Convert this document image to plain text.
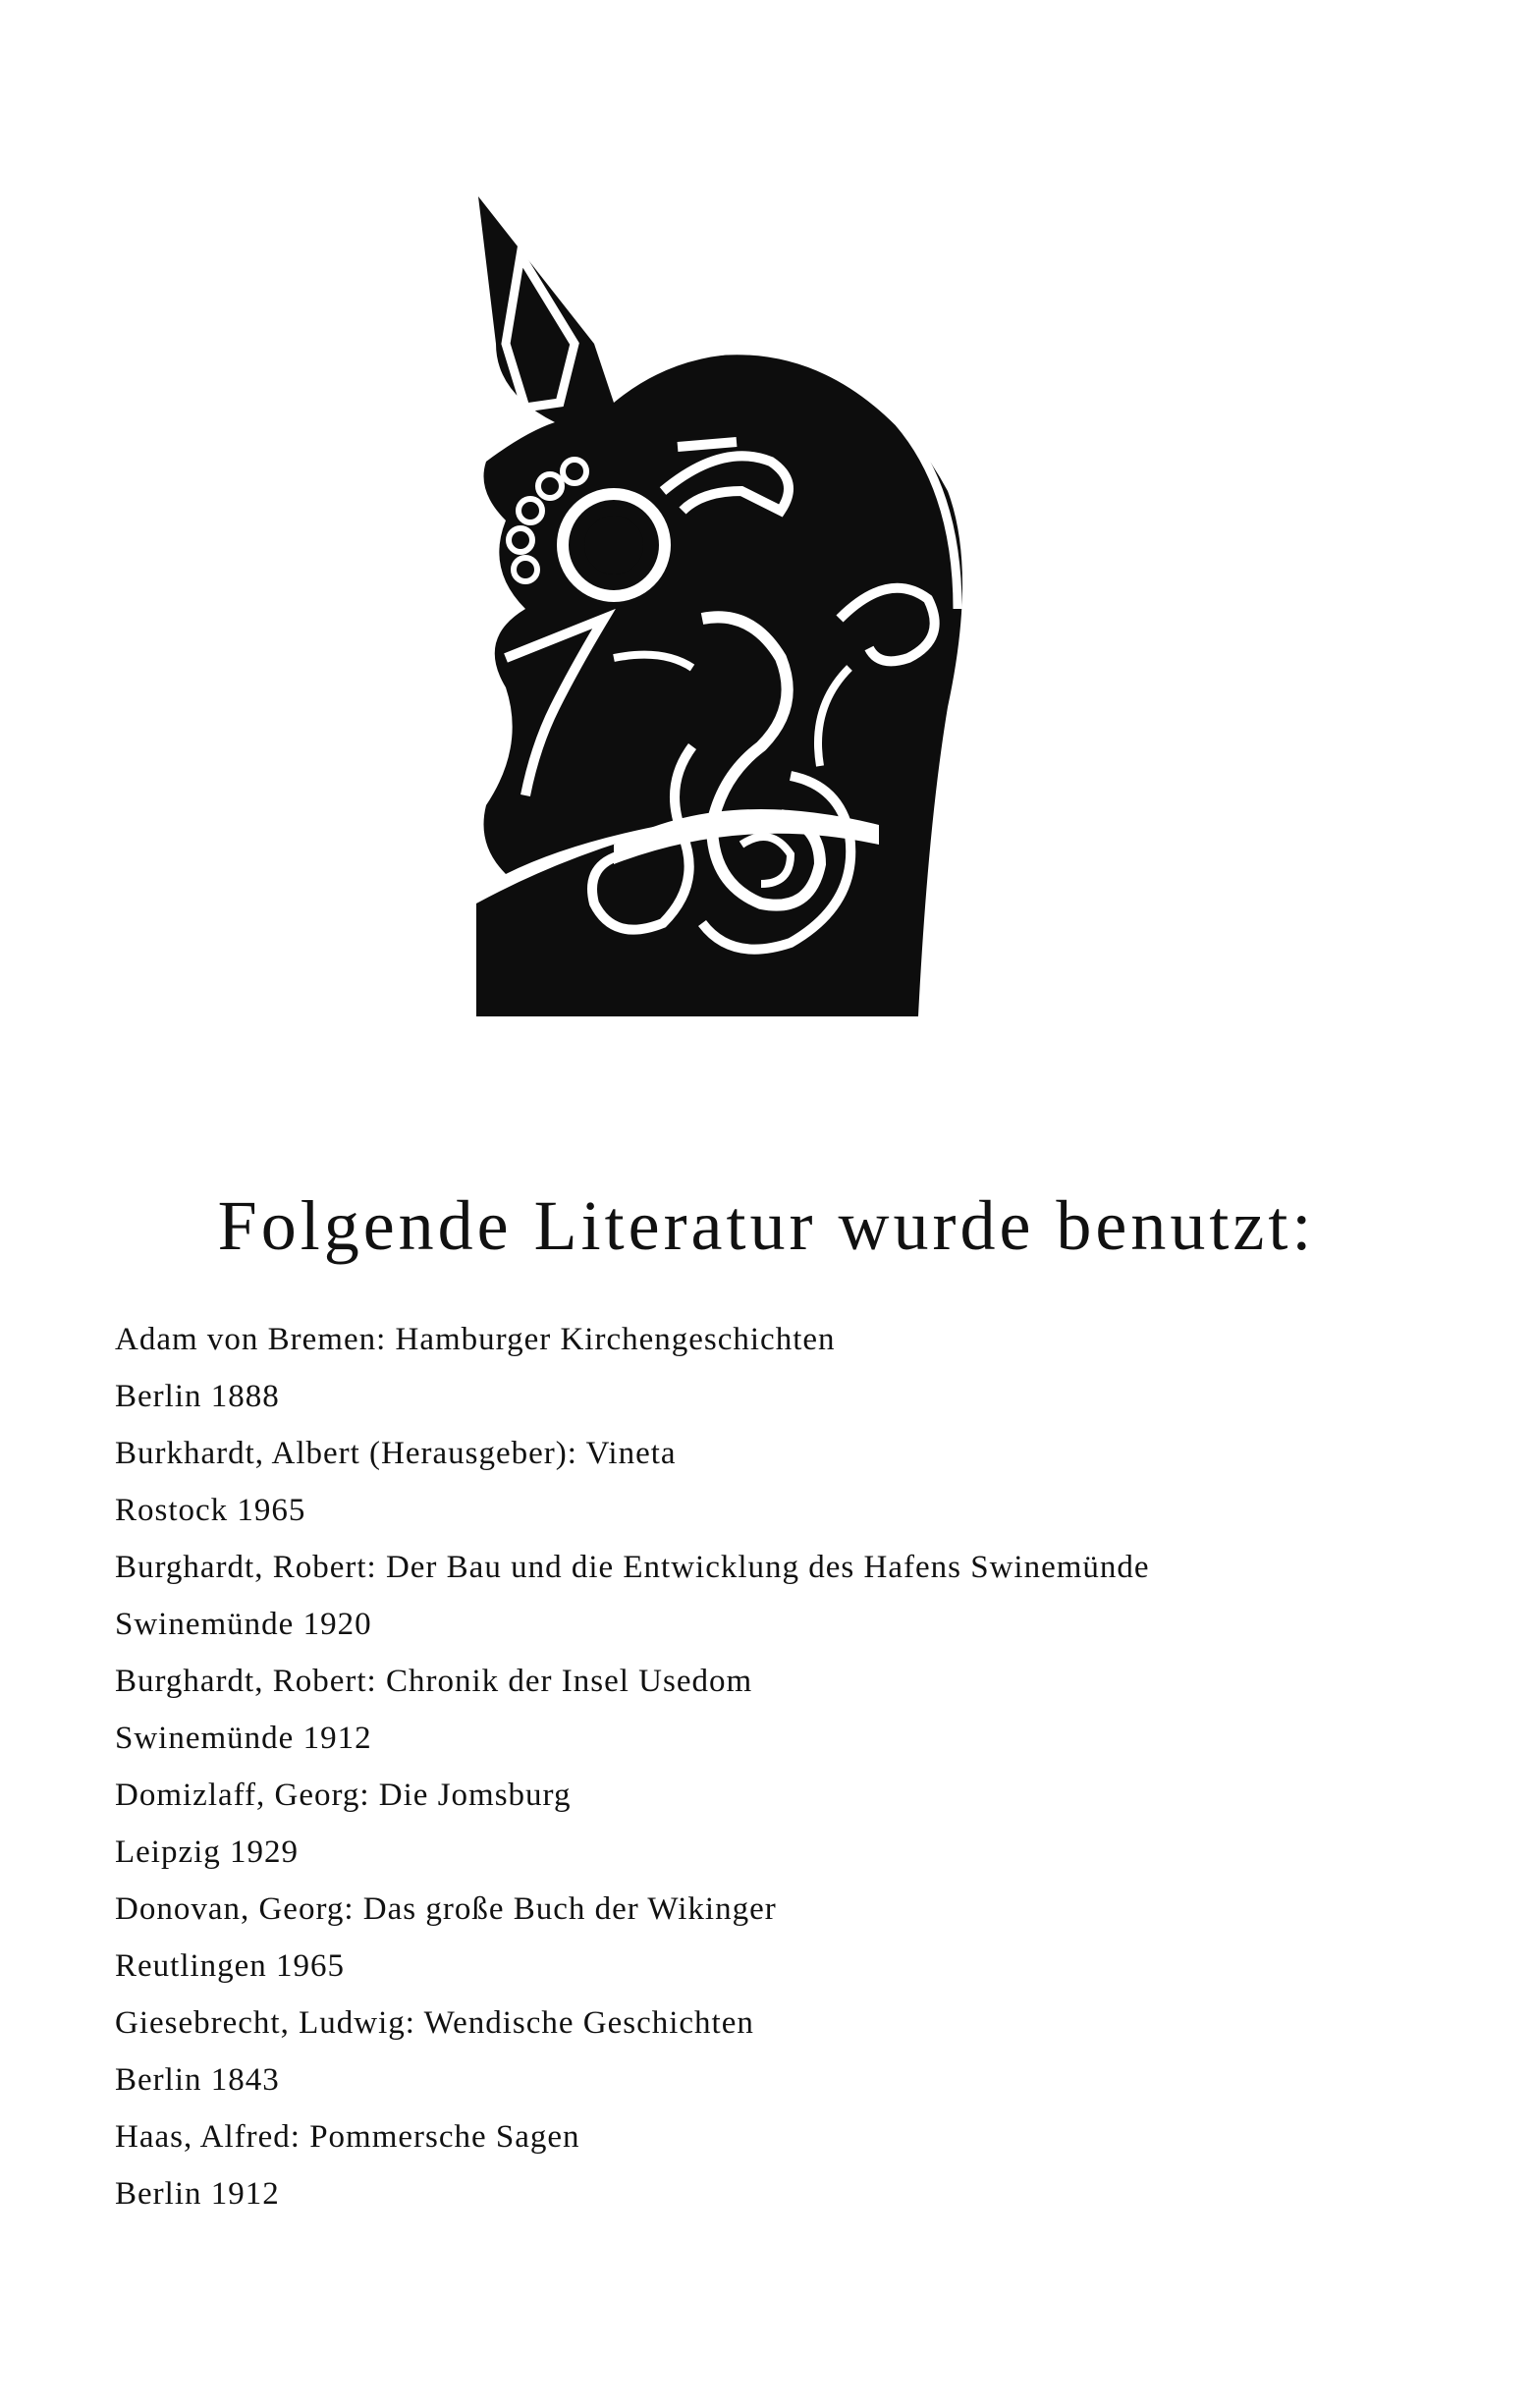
Folgende Literatur wurde benutzt:
Adam von Bremen: Hamburger Kirchengeschichten
Berlin 1888
Burkhardt, Albert (Herausgeber): Vineta
Rostock 1965
Burghardt, Robert: Der Bau und die Entwicklung des Hafens Swinemünde
Swinemünde 1920
Burghardt, Robert: Chronik der Insel Usedom
Swinemünde 1912
Domizlaff, Georg: Die Jomsburg
Leipzig 1929
Donovan, Georg: Das große Buch der Wikinger
Reutlingen 1965
Giesebrecht, Ludwig: Wendische Geschichten
Berlin 1843
Haas, Alfred: Pommersche Sagen
Berlin 1912
